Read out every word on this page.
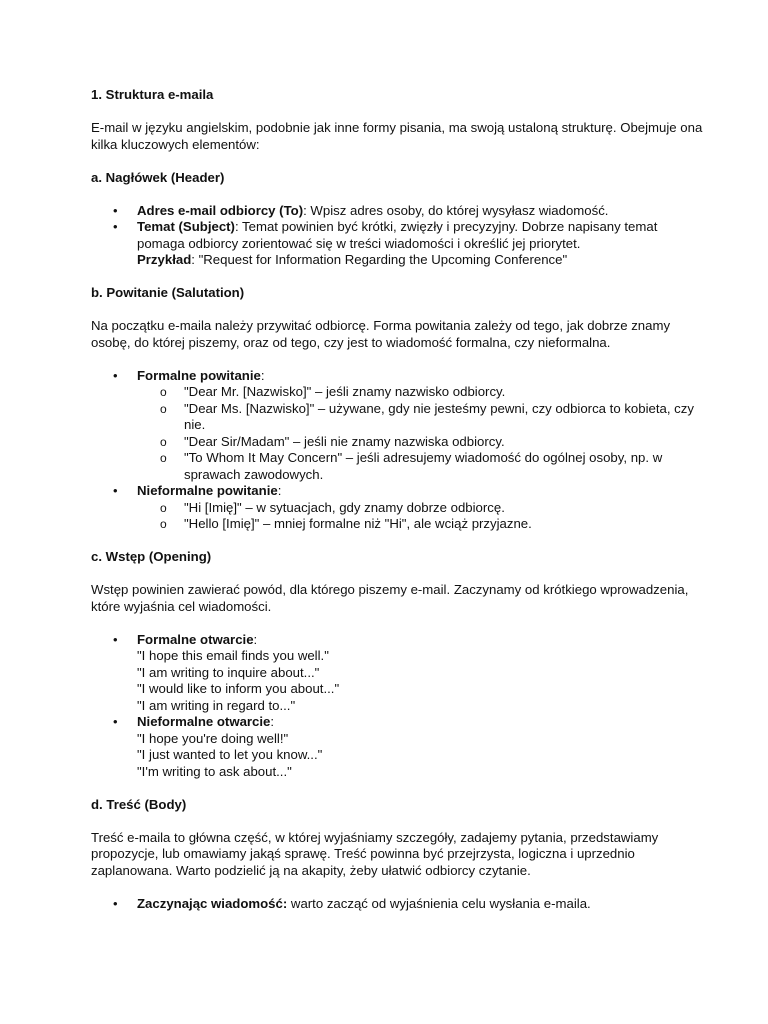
1. Struktura e-maila

E-mail w języku angielskim, podobnie jak inne formy pisania, ma swoją ustaloną strukturę. Obejmuje ona kilka kluczowych elementów:

a. Nagłówek (Header)

• Adres e-mail odbiorcy (To): Wpisz adres osoby, do której wysyłasz wiadomość.
• Temat (Subject): Temat powinien być krótki, zwięzły i precyzyjny. Dobrze napisany temat pomaga odbiorcy zorientować się w treści wiadomości i określić jej priorytet.
Przykład: "Request for Information Regarding the Upcoming Conference"

b. Powitanie (Salutation)

Na początku e-maila należy przywitać odbiorcę. Forma powitania zależy od tego, jak dobrze znamy osobę, do której piszemy, oraz od tego, czy jest to wiadomość formalna, czy nieformalna.

• Formalne powitanie:
o "Dear Mr. [Nazwisko]" – jeśli znamy nazwisko odbiorcy.
o "Dear Ms. [Nazwisko]" – używane, gdy nie jesteśmy pewni, czy odbiorca to kobieta, czy nie.
o "Dear Sir/Madam" – jeśli nie znamy nazwiska odbiorcy.
o "To Whom It May Concern" – jeśli adresujemy wiadomość do ogólnej osoby, np. w sprawach zawodowych.
• Nieformalne powitanie:
o "Hi [Imię]" – w sytuacjach, gdy znamy dobrze odbiorcę.
o "Hello [Imię]" – mniej formalne niż "Hi", ale wciąż przyjazne.

c. Wstęp (Opening)

Wstęp powinien zawierać powód, dla którego piszemy e-mail. Zaczynamy od krótkiego wprowadzenia, które wyjaśnia cel wiadomości.

• Formalne otwarcie:
"I hope this email finds you well."
"I am writing to inquire about..."
"I would like to inform you about..."
"I am writing in regard to..."
• Nieformalne otwarcie:
"I hope you're doing well!"
"I just wanted to let you know..."
"I'm writing to ask about..."

d. Treść (Body)

Treść e-maila to główna część, w której wyjaśniamy szczegóły, zadajemy pytania, przedstawiamy propozycje, lub omawiamy jakąś sprawę. Treść powinna być przejrzysta, logiczna i uprzednio zaplanowana. Warto podzielić ją na akapity, żeby ułatwić odbiorcy czytanie.

• Zaczynając wiadomość: warto zacząć od wyjaśnienia celu wysłania e-maila.
